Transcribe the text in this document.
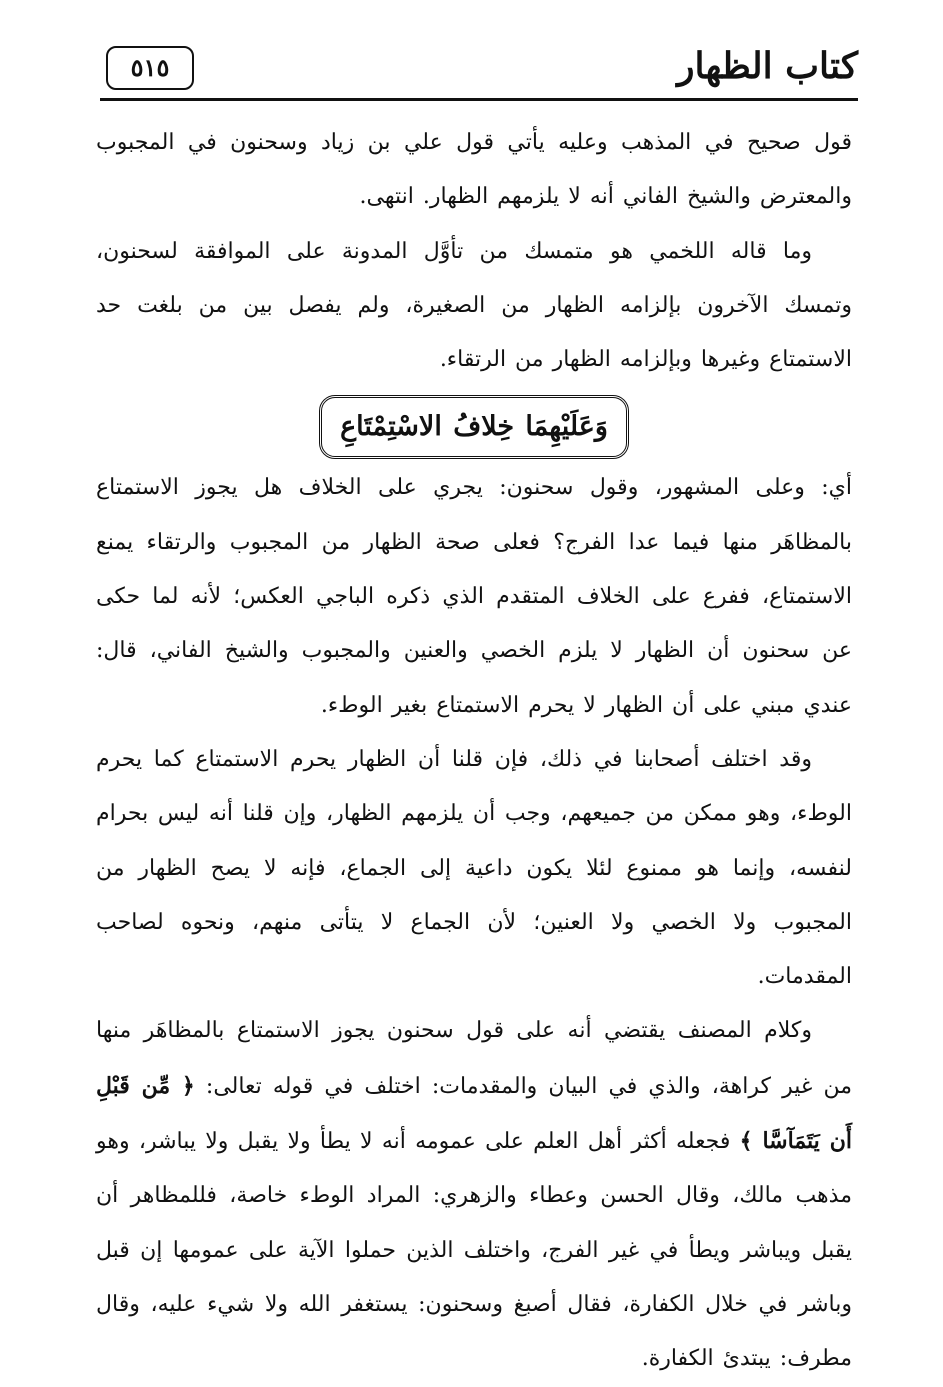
كتاب الظهار
٥١٥

قول صحيح في المذهب وعليه يأتي قول علي بن زياد وسحنون في المجبوب والمعترض والشيخ الفاني أنه لا يلزمهم الظهار. انتهى.

وما قاله اللخمي هو متمسك من تأوَّل المدونة على الموافقة لسحنون، وتمسك الآخرون بإلزامه الظهار من الصغيرة، ولم يفصل بين من بلغت حد الاستمتاع وغيرها وبإلزامه الظهار من الرتقاء.

وَعَلَيْهِمَا خِلافُ الاسْتِمْتَاعِ

أي: وعلى المشهور، وقول سحنون: يجري على الخلاف هل يجوز الاستمتاع بالمظاهَر منها فيما عدا الفرج؟ فعلى صحة الظهار من المجبوب والرتقاء يمنع الاستمتاع، ففرع على الخلاف المتقدم الذي ذكره الباجي العكس؛ لأنه لما حكى عن سحنون أن الظهار لا يلزم الخصي والعنين والمجبوب والشيخ الفاني، قال: عندي مبني على أن الظهار لا يحرم الاستمتاع بغير الوطء.

وقد اختلف أصحابنا في ذلك، فإن قلنا أن الظهار يحرم الاستمتاع كما يحرم الوطء، وهو ممكن من جميعهم، وجب أن يلزمهم الظهار، وإن قلنا أنه ليس بحرام لنفسه، وإنما هو ممنوع لئلا يكون داعية إلى الجماع، فإنه لا يصح الظهار من المجبوب ولا الخصي ولا العنين؛ لأن الجماع لا يتأتى منهم، ونحوه لصاحب المقدمات.

وكلام المصنف يقتضي أنه على قول سحنون يجوز الاستمتاع بالمظاهَر منها من غير كراهة، والذي في البيان والمقدمات: اختلف في قوله تعالى: ﴿ مِّن قَبْلِ أَن يَتَمَآسَّا ﴾ فجعله أكثر أهل العلم على عمومه أنه لا يطأ ولا يقبل ولا يباشر، وهو مذهب مالك، وقال الحسن وعطاء والزهري: المراد الوطء خاصة، فللمظاهر أن يقبل ويباشر ويطأ في غير الفرج، واختلف الذين حملوا الآية على عمومها إن قبل وباشر في خلال الكفارة، فقال أصبغ وسحنون: يستغفر الله ولا شيء عليه، وقال مطرف: يبتدئ الكفارة.
